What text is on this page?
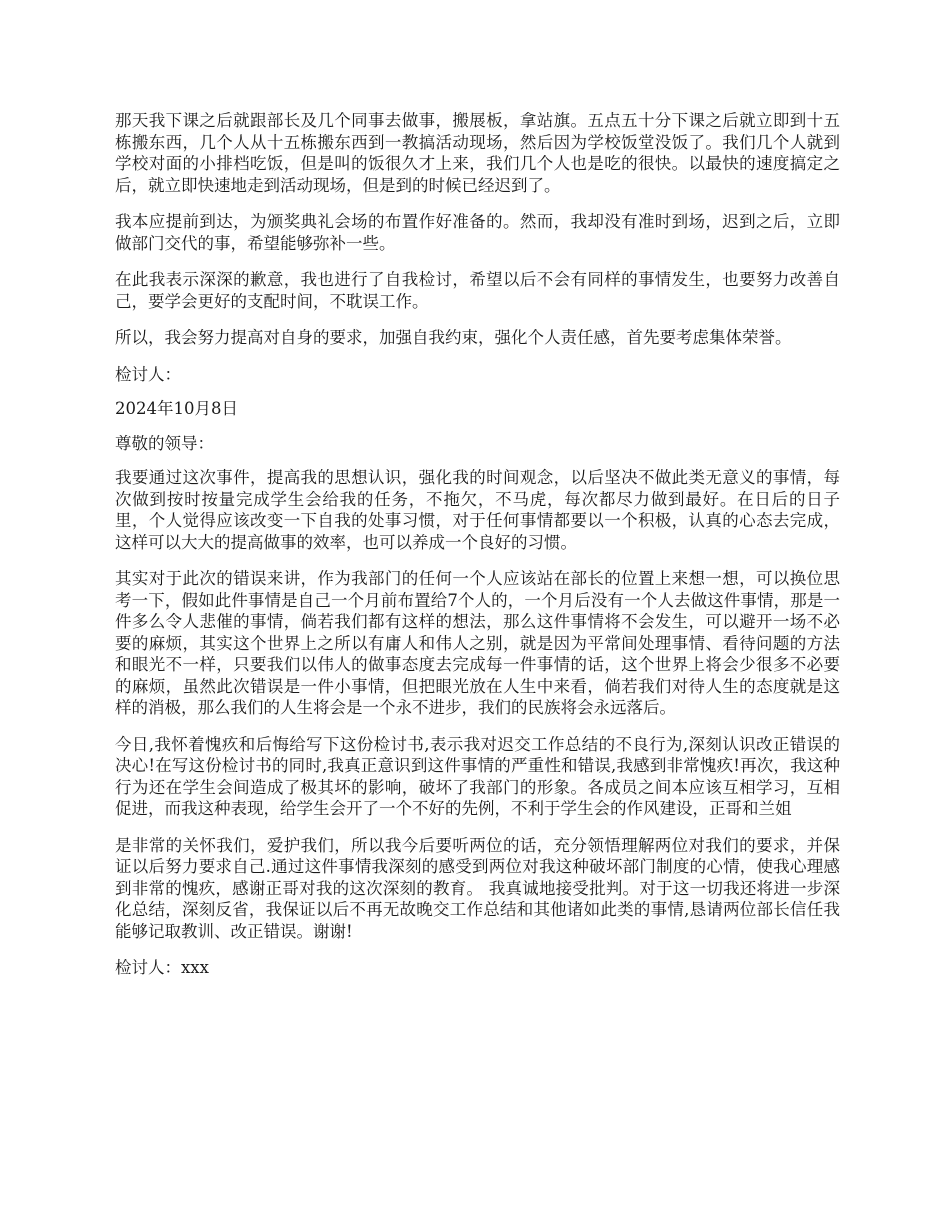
那天我下课之后就跟部长及几个同事去做事，搬展板，拿站旗。五点五十分下课之后就立即到十五栋搬东西，几个人从十五栋搬东西到一教搞活动现场，然后因为学校饭堂没饭了。我们几个人就到学校对面的小排档吃饭，但是叫的饭很久才上来，我们几个人也是吃的很快。以最快的速度搞定之后，就立即快速地走到活动现场，但是到的时候已经迟到了。

我本应提前到达，为颁奖典礼会场的布置作好准备的。然而，我却没有准时到场，迟到之后，立即做部门交代的事，希望能够弥补一些。

在此我表示深深的歉意，我也进行了自我检讨，希望以后不会有同样的事情发生，也要努力改善自己，要学会更好的支配时间，不耽误工作。

所以，我会努力提高对自身的要求，加强自我约束，强化个人责任感，首先要考虑集体荣誉。

检讨人：

2024年10月8日

尊敬的领导：

我要通过这次事件，提高我的思想认识，强化我的时间观念，以后坚决不做此类无意义的事情，每次做到按时按量完成学生会给我的任务，不拖欠，不马虎，每次都尽力做到最好。在日后的日子里，个人觉得应该改变一下自我的处事习惯，对于任何事情都要以一个积极，认真的心态去完成，这样可以大大的提高做事的效率，也可以养成一个良好的习惯。

其实对于此次的错误来讲，作为我部门的任何一个人应该站在部长的位置上来想一想，可以换位思考一下，假如此件事情是自己一个月前布置给7个人的，一个月后没有一个人去做这件事情，那是一件多么令人悲催的事情，倘若我们都有这样的想法，那么这件事情将不会发生，可以避开一场不必要的麻烦，其实这个世界上之所以有庸人和伟人之别，就是因为平常间处理事情、看待问题的方法和眼光不一样，只要我们以伟人的做事态度去完成每一件事情的话，这个世界上将会少很多不必要的麻烦，虽然此次错误是一件小事情，但把眼光放在人生中来看，倘若我们对待人生的态度就是这样的消极，那么我们的人生将会是一个永不进步，我们的民族将会永远落后。

今日,我怀着愧疚和后悔给写下这份检讨书,表示我对迟交工作总结的不良行为,深刻认识改正错误的决心!在写这份检讨书的同时,我真正意识到这件事情的严重性和错误,我感到非常愧疚!再次，我这种行为还在学生会间造成了极其坏的影响，破坏了我部门的形象。各成员之间本应该互相学习，互相促进，而我这种表现，给学生会开了一个不好的先例，不利于学生会的作风建设，正哥和兰姐

是非常的关怀我们，爱护我们，所以我今后要听两位的话，充分领悟理解两位对我们的要求，并保证以后努力要求自己.通过这件事情我深刻的感受到两位对我这种破坏部门制度的心情，使我心理感到非常的愧疚，感谢正哥对我的这次深刻的教育。 我真诚地接受批判。对于这一切我还将进一步深化总结，深刻反省，我保证以后不再无故晚交工作总结和其他诸如此类的事情,恳请两位部长信任我能够记取教训、改正错误。谢谢!

检讨人：xxx
